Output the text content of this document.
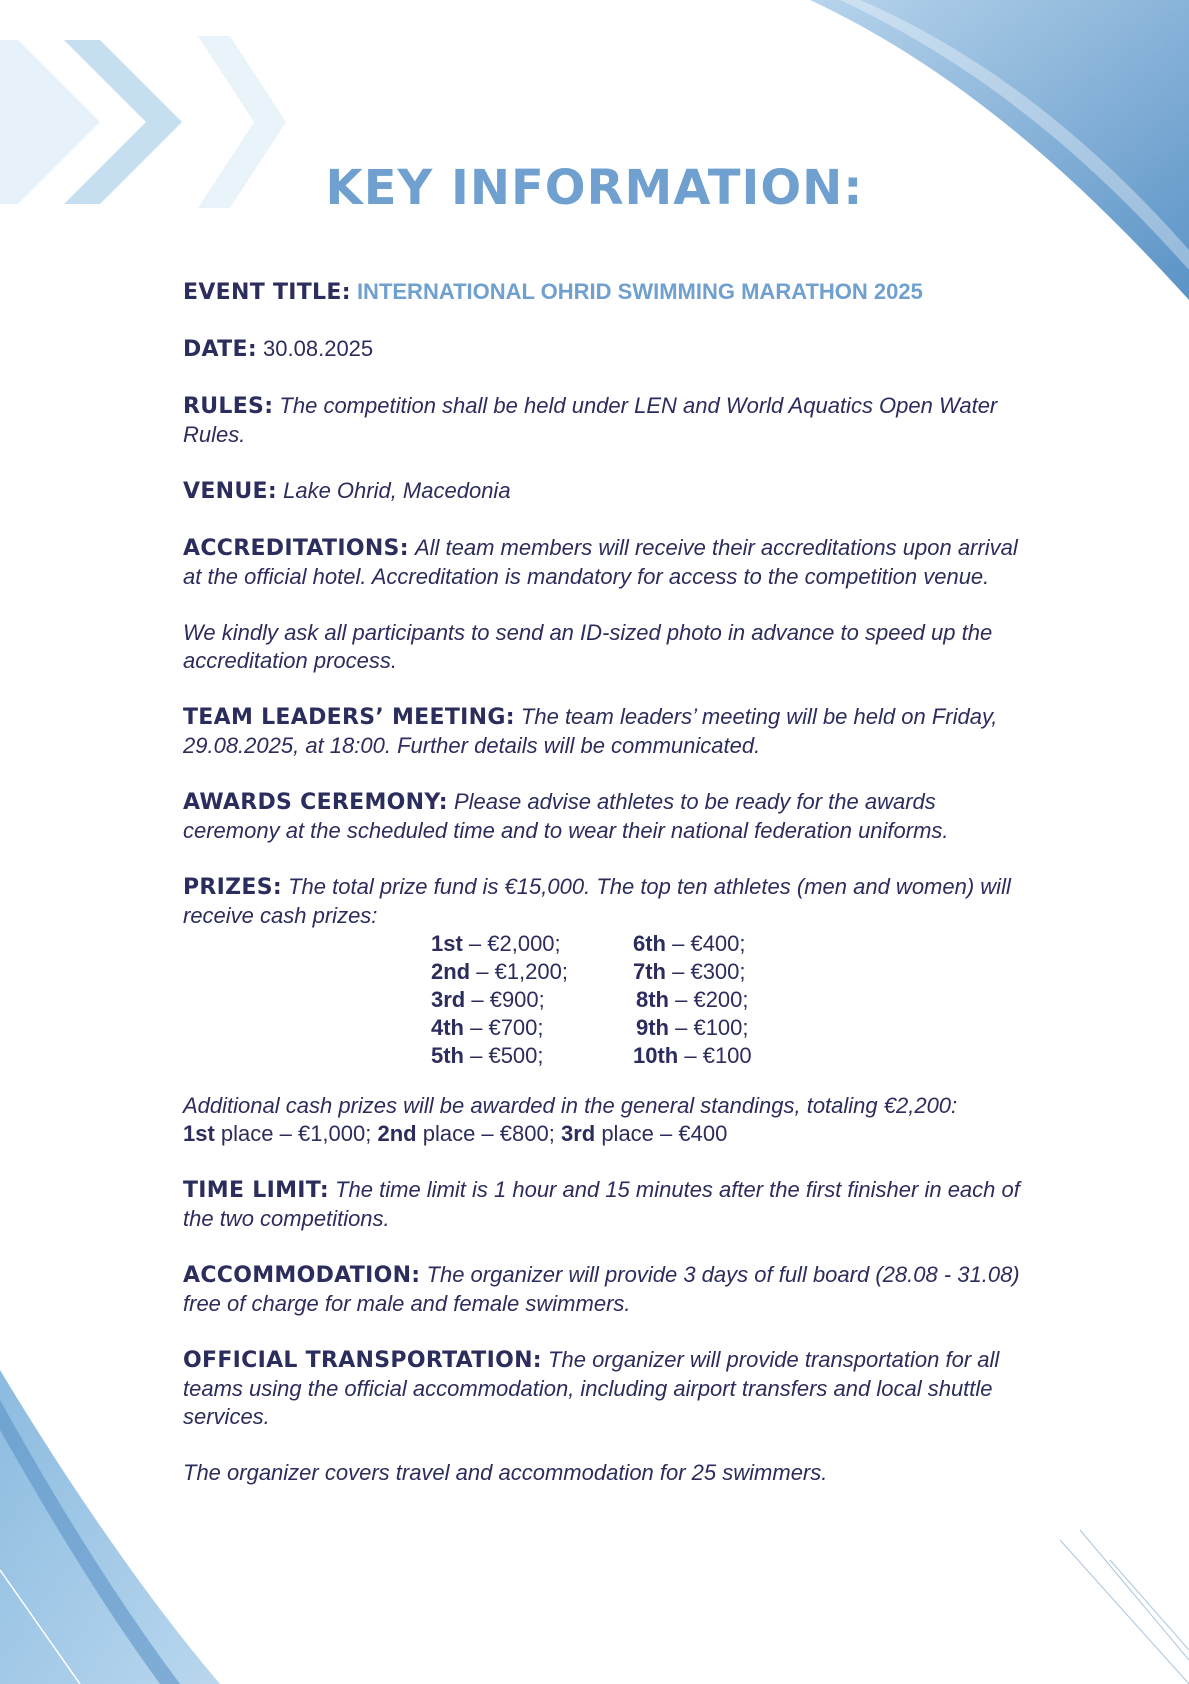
KEY INFORMATION:

EVENT TITLE: INTERNATIONAL OHRID SWIMMING MARATHON 2025

DATE: 30.08.2025

RULES: The competition shall be held under LEN and World Aquatics Open Water Rules.

VENUE: Lake Ohrid, Macedonia

ACCREDITATIONS: All team members will receive their accreditations upon arrival at the official hotel. Accreditation is mandatory for access to the competition venue.

We kindly ask all participants to send an ID-sized photo in advance to speed up the accreditation process.

TEAM LEADERS’ MEETING: The team leaders’ meeting will be held on Friday, 29.08.2025, at 18:00. Further details will be communicated.

AWARDS CEREMONY: Please advise athletes to be ready for the awards ceremony at the scheduled time and to wear their national federation uniforms.

PRIZES: The total prize fund is €15,000. The top ten athletes (men and women) will receive cash prizes:

1st – €2,000;	6th – €400;
2nd – €1,200;	7th – €300;
3rd – €900;	8th – €200;
4th – €700;	9th – €100;
5th – €500;	10th – €100

Additional cash prizes will be awarded in the general standings, totaling €2,200:
1st place – €1,000; 2nd place – €800; 3rd place – €400

TIME LIMIT: The time limit is 1 hour and 15 minutes after the first finisher in each of the two competitions.

ACCOMMODATION: The organizer will provide 3 days of full board (28.08 - 31.08) free of charge for male and female swimmers.

OFFICIAL TRANSPORTATION: The organizer will provide transportation for all teams using the official accommodation, including airport transfers and local shuttle services.

The organizer covers travel and accommodation for 25 swimmers.
